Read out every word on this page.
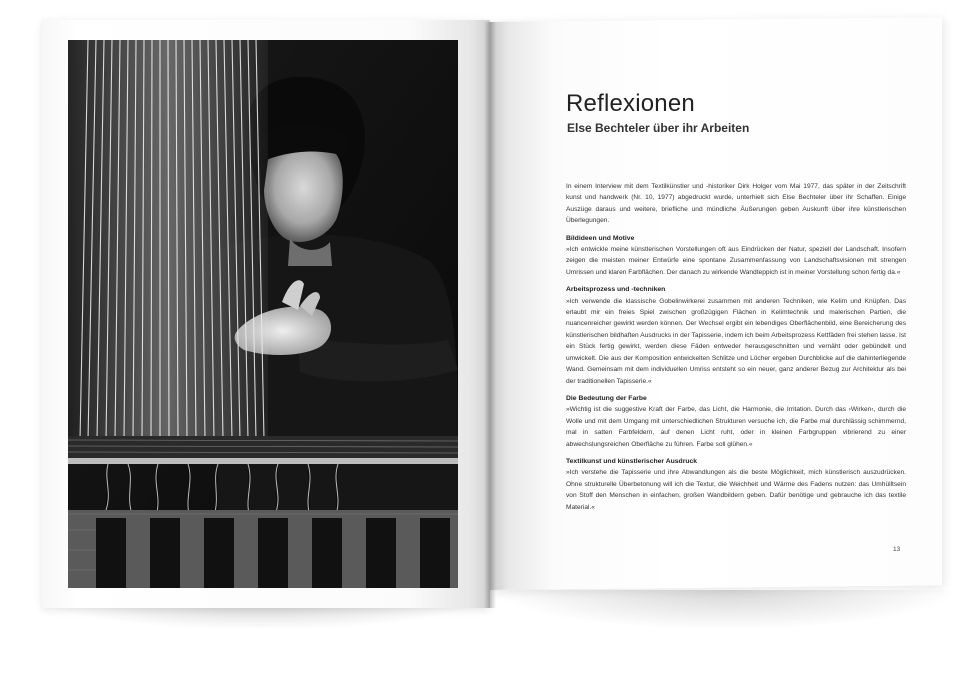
Reflexionen
Else Bechteler über ihr Arbeiten

In einem Interview mit dem Textilkünstler und -historiker Dirk Holger vom Mai 1977, das später in der Zeitschrift kunst und handwerk (Nr. 10, 1977) abgedruckt wurde, unterhielt sich Else Bechteler über ihr Schaffen. Einige Auszüge daraus und weitere, briefliche und mündliche Äußerungen geben Auskunft über ihre künstlerischen Überlegungen.

Bildideen und Motive

»Ich entwickle meine künstlerischen Vorstellungen oft aus Eindrücken der Natur, speziell der Landschaft. Insofern zeigen die meisten meiner Entwürfe eine spontane Zusammenfassung von Landschaftsvisionen mit strengen Umrissen und klaren Farbflächen. Der danach zu wirkende Wandteppich ist in meiner Vorstellung schon fertig da.«

Arbeitsprozess und -techniken

»Ich verwende die klassische Gobelinwirkerei zusammen mit anderen Techniken, wie Kelim und Knüpfen. Das erlaubt mir ein freies Spiel zwischen großzügigen Flächen in Kelimtechnik und malerischen Partien, die nuancenreicher gewirkt werden können. Der Wechsel ergibt ein lebendiges Oberflächenbild, eine Bereicherung des künstlerischen bildhaften Ausdrucks in der Tapisserie, indem ich beim Arbeitsprozess Kettfäden frei stehen lasse. Ist ein Stück fertig gewirkt, werden diese Fäden entweder herausgeschnitten und vernäht oder gebündelt und umwickelt. Die aus der Komposition entwickelten Schlitze und Löcher ergeben Durchblicke auf die dahinterliegende Wand. Gemeinsam mit dem individuellen Umriss entsteht so ein neuer, ganz anderer Bezug zur Architektur als bei der traditionellen Tapisserie.«

Die Bedeutung der Farbe

»Wichtig ist die suggestive Kraft der Farbe, das Licht, die Harmonie, die Irritation. Durch das ›Wirken‹, durch die Wolle und mit dem Umgang mit unterschiedlichen Strukturen versuche ich, die Farbe mal durchlässig schimmernd, mal in satten Farbfeldern, auf denen Licht ruht, oder in kleinen Farbgruppen vibrierend zu einer abwechslungsreichen Oberfläche zu führen. Farbe soll glühen.«

Textilkunst und künstlerischer Ausdruck

»Ich verstehe die Tapisserie und ihre Abwandlungen als die beste Möglichkeit, mich künstlerisch auszudrücken. Ohne strukturelle Überbetonung will ich die Textur, die Weichheit und Wärme des Fadens nutzen: das Umhülltsein von Stoff den Menschen in einfachen, großen Wandbildern geben. Dafür benötige und gebrauche ich das textile Material.«

13
